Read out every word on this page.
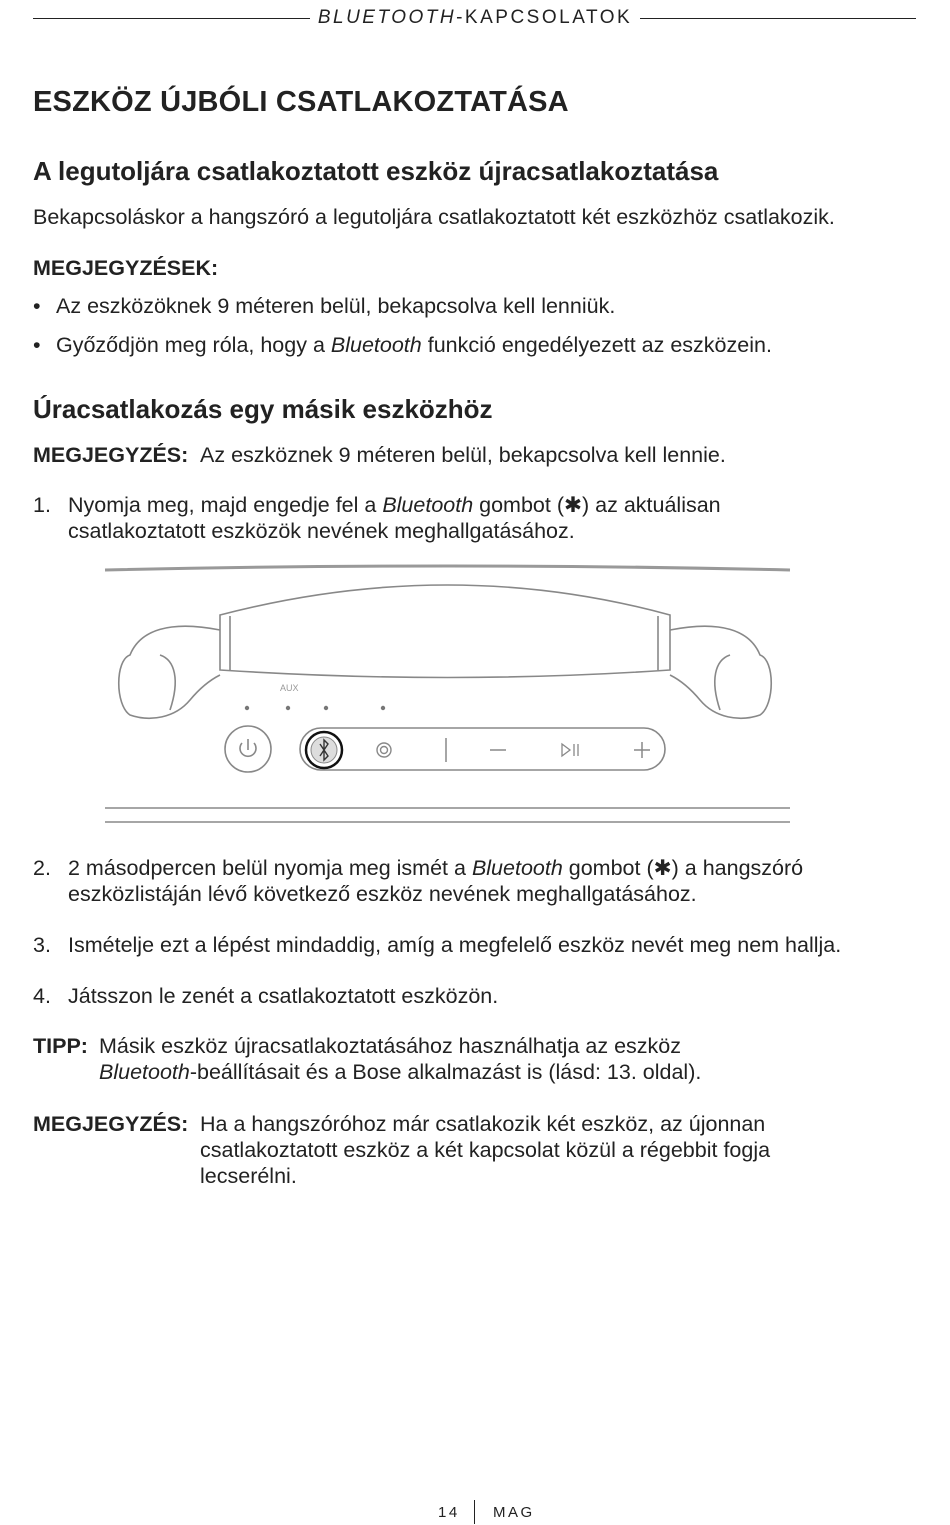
BLUETOOTH-KAPCSOLATOK
ESZKÖZ ÚJBÓLI CSATLAKOZTATÁSA
A legutoljára csatlakoztatott eszköz újracsatlakoztatása

Bekapcsoláskor a hangszóró a legutoljára csatlakoztatott két eszközhöz csatlakozik.

MEGJEGYZÉSEK:

• Az eszközöknek 9 méteren belül, bekapcsolva kell lenniük.
• Győződjön meg róla, hogy a Bluetooth funkció engedélyezett az eszközein.
Úracsatlakozás egy másik eszközhöz
MEGJEGYZÉS: Az eszköznek 9 méteren belül, bekapcsolva kell lennie.
1. Nyomja meg, majd engedje fel a Bluetooth gombot (✱) az aktuálisan csatlakoztatott eszközök nevének meghallgatásához.
AUX
2. 2 másodpercen belül nyomja meg ismét a Bluetooth gombot (✱) a hangszóró eszközlistáján lévő következő eszköz nevének meghallgatásához.
3. Ismételje ezt a lépést mindaddig, amíg a megfelelő eszköz nevét meg nem hallja.
4. Játsszon le zenét a csatlakoztatott eszközön.
TIPP: Másik eszköz újracsatlakoztatásához használhatja az eszköz Bluetooth-beállításait és a Bose alkalmazást is (lásd: 13. oldal).
MEGJEGYZÉS: Ha a hangszóróhoz már csatlakozik két eszköz, az újonnan csatlakoztatott eszköz a két kapcsolat közül a régebbit fogja lecserélni.
14 MAG
